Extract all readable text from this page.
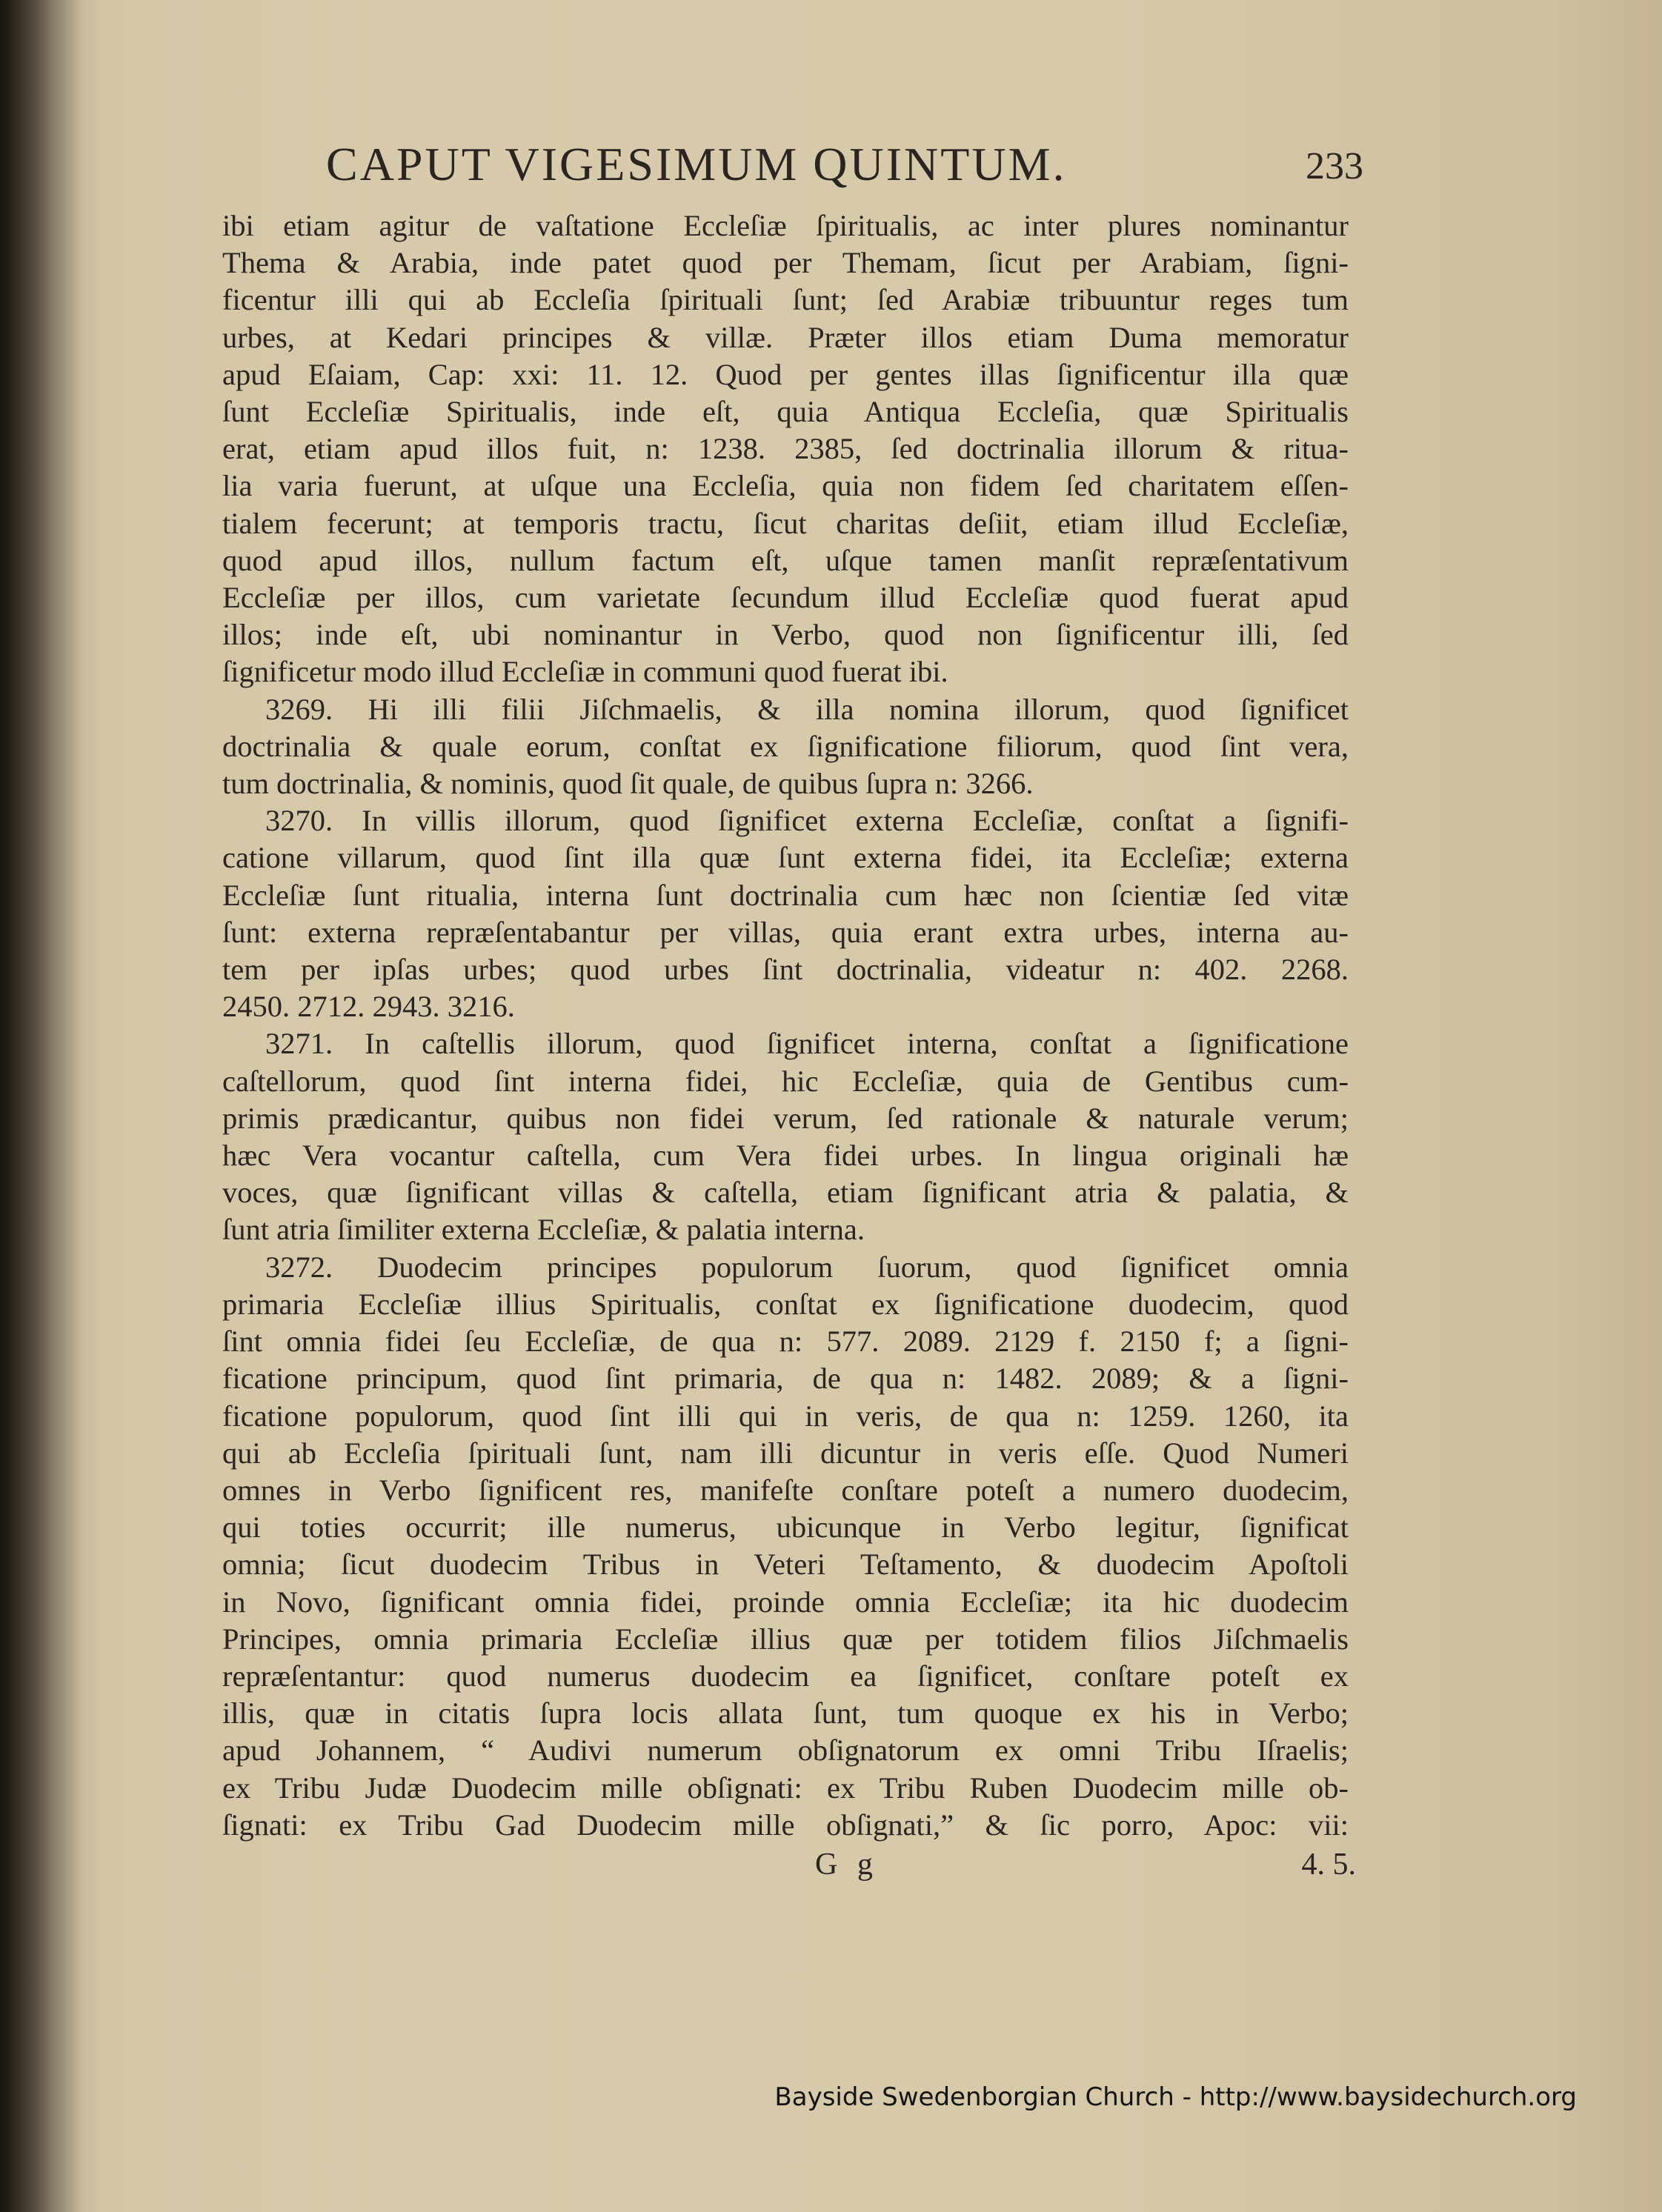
CAPUT VIGESIMUM QUINTUM.	233
ibi etiam agitur de vaſtatione Eccleſiæ ſpiritualis, ac inter plures nominantur
Thema & Arabia, inde patet quod per Themam, ſicut per Arabiam, ſigni-
ficentur illi qui ab Eccleſia ſpirituali ſunt; ſed Arabiæ tribuuntur reges tum
urbes, at Kedari principes & villæ. Præter illos etiam Duma memoratur
apud Eſaiam, Cap: xxi: 11. 12. Quod per gentes illas ſignificentur illa quæ
ſunt Eccleſiæ Spiritualis, inde eſt, quia Antiqua Eccleſia, quæ Spiritualis
erat, etiam apud illos fuit, n: 1238. 2385, ſed doctrinalia illorum & ritua-
lia varia fuerunt, at uſque una Eccleſia, quia non fidem ſed charitatem eſſen-
tialem fecerunt; at temporis tractu, ſicut charitas deſiit, etiam illud Eccleſiæ,
quod apud illos, nullum factum eſt, uſque tamen manſit repræſentativum
Eccleſiæ per illos, cum varietate ſecundum illud Eccleſiæ quod fuerat apud
illos; inde eſt, ubi nominantur in Verbo, quod non ſignificentur illi, ſed
ſignificetur modo illud Eccleſiæ in communi quod fuerat ibi.
3269. Hi illi filii Jiſchmaelis, & illa nomina illorum, quod ſignificet
doctrinalia & quale eorum, conſtat ex ſignificatione filiorum, quod ſint vera,
tum doctrinalia, & nominis, quod ſit quale, de quibus ſupra n: 3266.
3270. In villis illorum, quod ſignificet externa Eccleſiæ, conſtat a ſignifi-
catione villarum, quod ſint illa quæ ſunt externa fidei, ita Eccleſiæ; externa
Eccleſiæ ſunt ritualia, interna ſunt doctrinalia cum hæc non ſcientiæ ſed vitæ
ſunt: externa repræſentabantur per villas, quia erant extra urbes, interna au-
tem per ipſas urbes; quod urbes ſint doctrinalia, videatur n: 402. 2268.
2450. 2712. 2943. 3216.
3271. In caſtellis illorum, quod ſignificet interna, conſtat a ſignificatione
caſtellorum, quod ſint interna fidei, hic Eccleſiæ, quia de Gentibus cum-
primis prædicantur, quibus non fidei verum, ſed rationale & naturale verum;
hæc Vera vocantur caſtella, cum Vera fidei urbes. In lingua originali hæ
voces, quæ ſignificant villas & caſtella, etiam ſignificant atria & palatia, &
ſunt atria ſimiliter externa Eccleſiæ, & palatia interna.
3272. Duodecim principes populorum ſuorum, quod ſignificet omnia
primaria Eccleſiæ illius Spiritualis, conſtat ex ſignificatione duodecim, quod
ſint omnia fidei ſeu Eccleſiæ, de qua n: 577. 2089. 2129 f. 2150 f; a ſigni-
ficatione principum, quod ſint primaria, de qua n: 1482. 2089; & a ſigni-
ficatione populorum, quod ſint illi qui in veris, de qua n: 1259. 1260, ita
qui ab Eccleſia ſpirituali ſunt, nam illi dicuntur in veris eſſe. Quod Numeri
omnes in Verbo ſignificent res, manifeſte conſtare poteſt a numero duodecim,
qui toties occurrit; ille numerus, ubicunque in Verbo legitur, ſignificat
omnia; ſicut duodecim Tribus in Veteri Teſtamento, & duodecim Apoſtoli
in Novo, ſignificant omnia fidei, proinde omnia Eccleſiæ; ita hic duodecim
Principes, omnia primaria Eccleſiæ illius quæ per totidem filios Jiſchmaelis
repræſentantur: quod numerus duodecim ea ſignificet, conſtare poteſt ex
illis, quæ in citatis ſupra locis allata ſunt, tum quoque ex his in Verbo;
apud Johannem, “ Audivi numerum obſignatorum ex omni Tribu Iſraelis;
ex Tribu Judæ Duodecim mille obſignati: ex Tribu Ruben Duodecim mille ob-
ſignati: ex Tribu Gad Duodecim mille obſignati,” & ſic porro, Apoc: vii:
G g	4. 5.
Bayside Swedenborgian Church - http://www.baysidechurch.org
